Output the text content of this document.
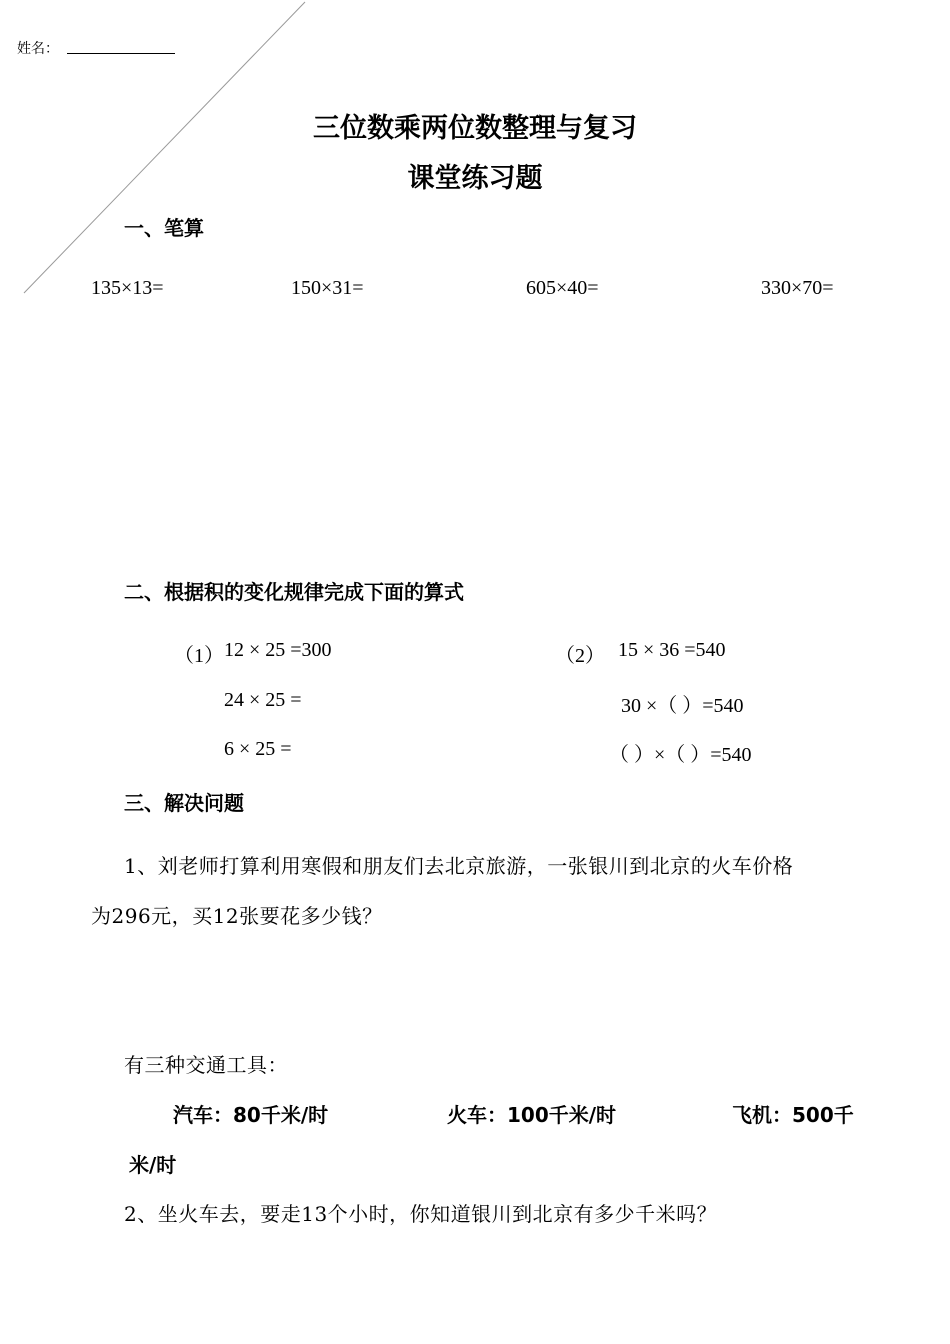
姓名：
三位数乘两位数整理与复习
课堂练习题
一、笔算
135×13=	150×31=	605×40=	330×70=
二、根据积的变化规律完成下面的算式
（1） 12 × 25 =300
24 × 25 =
6 × 25 =
（2） 15 × 36 =540
30 ×（ ）=540
（ ）×（ ）=540
三、解决问题
1、刘老师打算利用寒假和朋友们去北京旅游，一张银川到北京的火车价格
为296元，买12张要花多少钱？
有三种交通工具：
汽车：80千米/时	火车：100千米/时	飞机：500千
米/时
2、坐火车去，要走13个小时，你知道银川到北京有多少千米吗？
